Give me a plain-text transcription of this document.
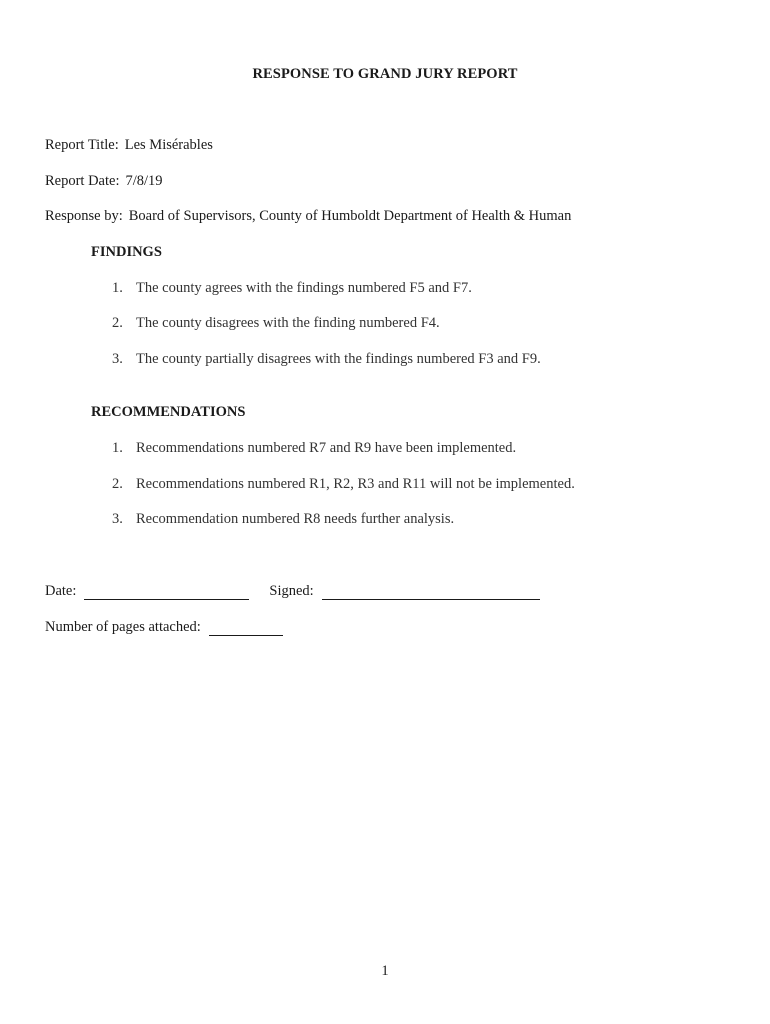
RESPONSE TO GRAND JURY REPORT
Report Title: Les Misérables
Report Date: 7/8/19
Response by: Board of Supervisors, County of Humboldt Department of Health & Human
FINDINGS
1. The county agrees with the findings numbered F5 and F7.
2. The county disagrees with the finding numbered F4.
3. The county partially disagrees with the findings numbered F3 and F9.
RECOMMENDATIONS
1. Recommendations numbered R7 and R9 have been implemented.
2. Recommendations numbered R1, R2, R3 and R11 will not be implemented.
3. Recommendation numbered R8 needs further analysis.
Date:	Signed:
Number of pages attached:
1
